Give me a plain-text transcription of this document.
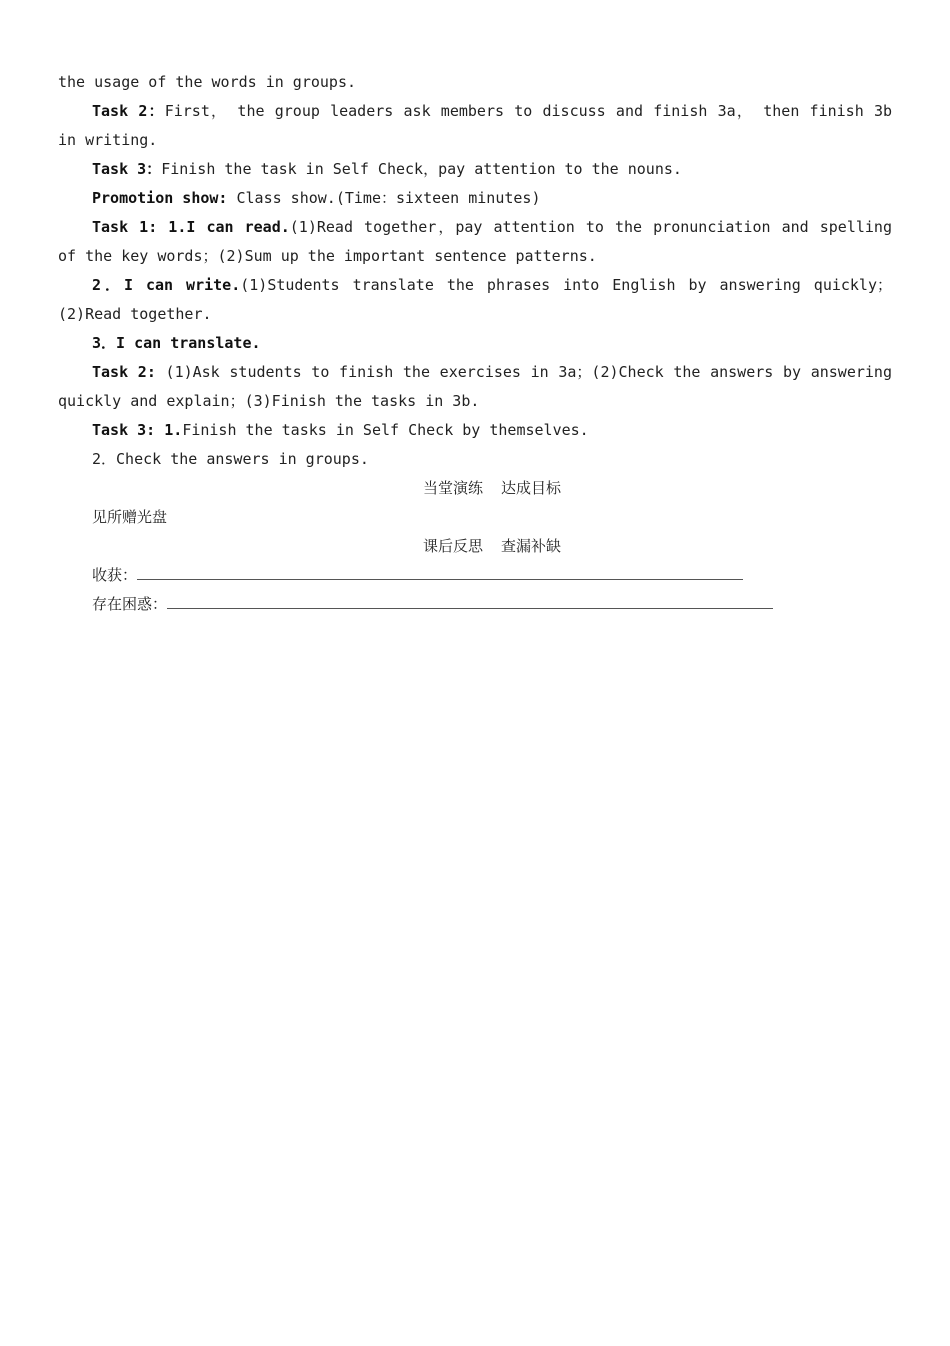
the usage of the words in groups.

Task 2：First， the group leaders ask members to discuss and finish 3a， then finish 3b in writing.

Task 3：Finish the task in Self Check，pay attention to the nouns.

Promotion show: Class show.(Time：sixteen minutes)

Task 1: 1.I can read.(1)Read together，pay attention to the pronunciation and spelling of the key words；(2)Sum up the important sentence patterns.

2．I can write.(1)Students translate the phrases into English by answering quickly；(2)Read together.

3．I can translate.

Task 2: (1)Ask students to finish the exercises in 3a；(2)Check the answers by answering quickly and explain；(3)Finish the tasks in 3b.

Task 3: 1.Finish the tasks in Self Check by themselves.

2．Check the answers in groups.

当堂演练 达成目标

见所赠光盘

课后反思 查漏补缺

收获：

存在困惑：
